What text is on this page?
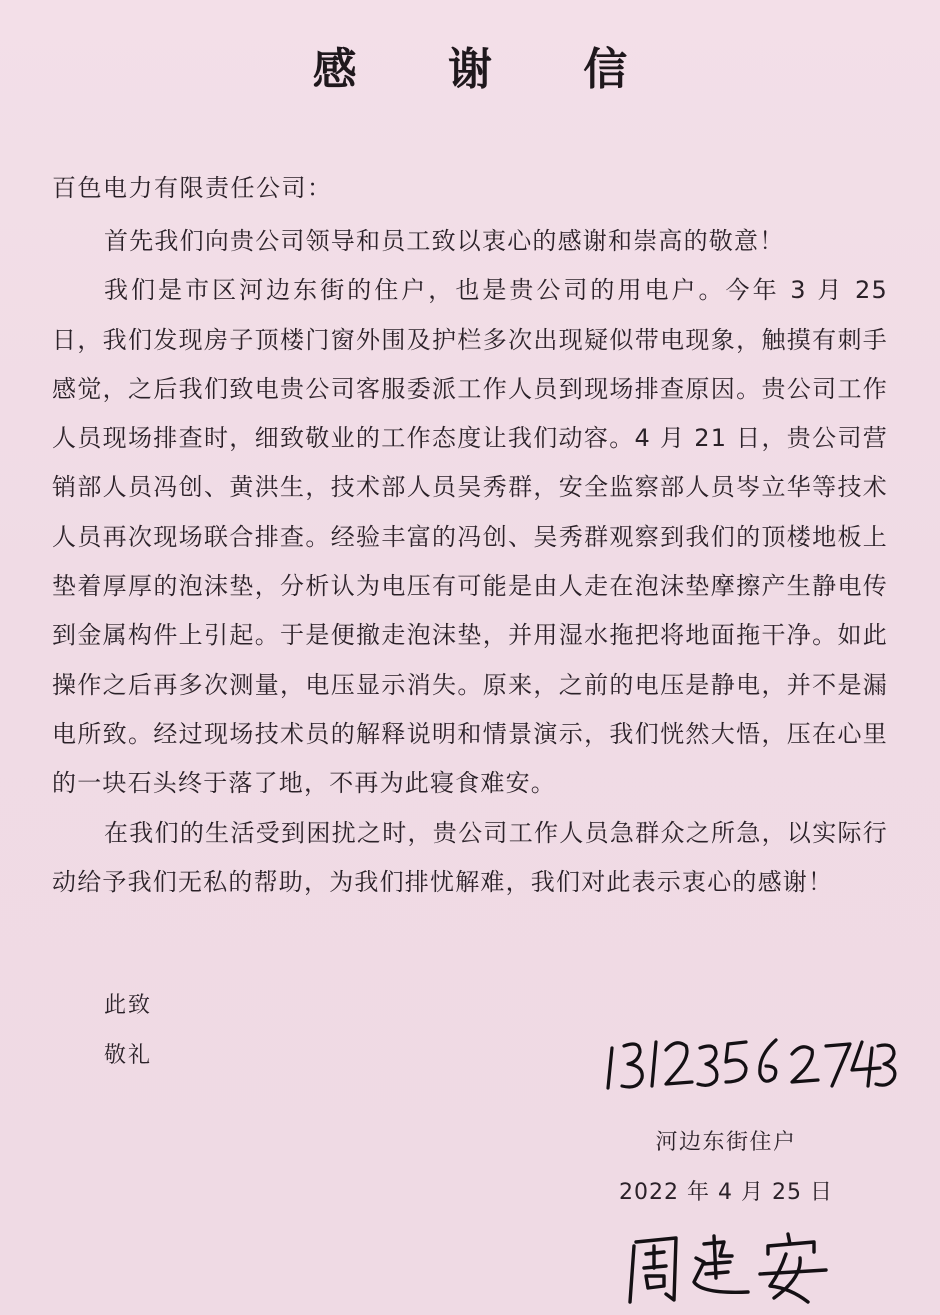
感 谢 信
百色电力有限责任公司：

首先我们向贵公司领导和员工致以衷心的感谢和崇高的敬意！

我们是市区河边东街的住户，也是贵公司的用电户。今年 3 月 25 日，我们发现房子顶楼门窗外围及护栏多次出现疑似带电现象，触摸有刺手感觉，之后我们致电贵公司客服委派工作人员到现场排查原因。贵公司工作人员现场排查时，细致敬业的工作态度让我们动容。4 月 21 日，贵公司营销部人员冯创、黄洪生，技术部人员吴秀群，安全监察部人员岑立华等技术人员再次现场联合排查。经验丰富的冯创、吴秀群观察到我们的顶楼地板上垫着厚厚的泡沫垫，分析认为电压有可能是由人走在泡沫垫摩擦产生静电传到金属构件上引起。于是便撤走泡沫垫，并用湿水拖把将地面拖干净。如此操作之后再多次测量，电压显示消失。原来，之前的电压是静电，并不是漏电所致。经过现场技术员的解释说明和情景演示，我们恍然大悟，压在心里的一块石头终于落了地，不再为此寝食难安。

在我们的生活受到困扰之时，贵公司工作人员急群众之所急，以实际行动给予我们无私的帮助，为我们排忧解难，我们对此表示衷心的感谢！

此致
敬礼
河边东街住户
2022 年 4 月 25 日
